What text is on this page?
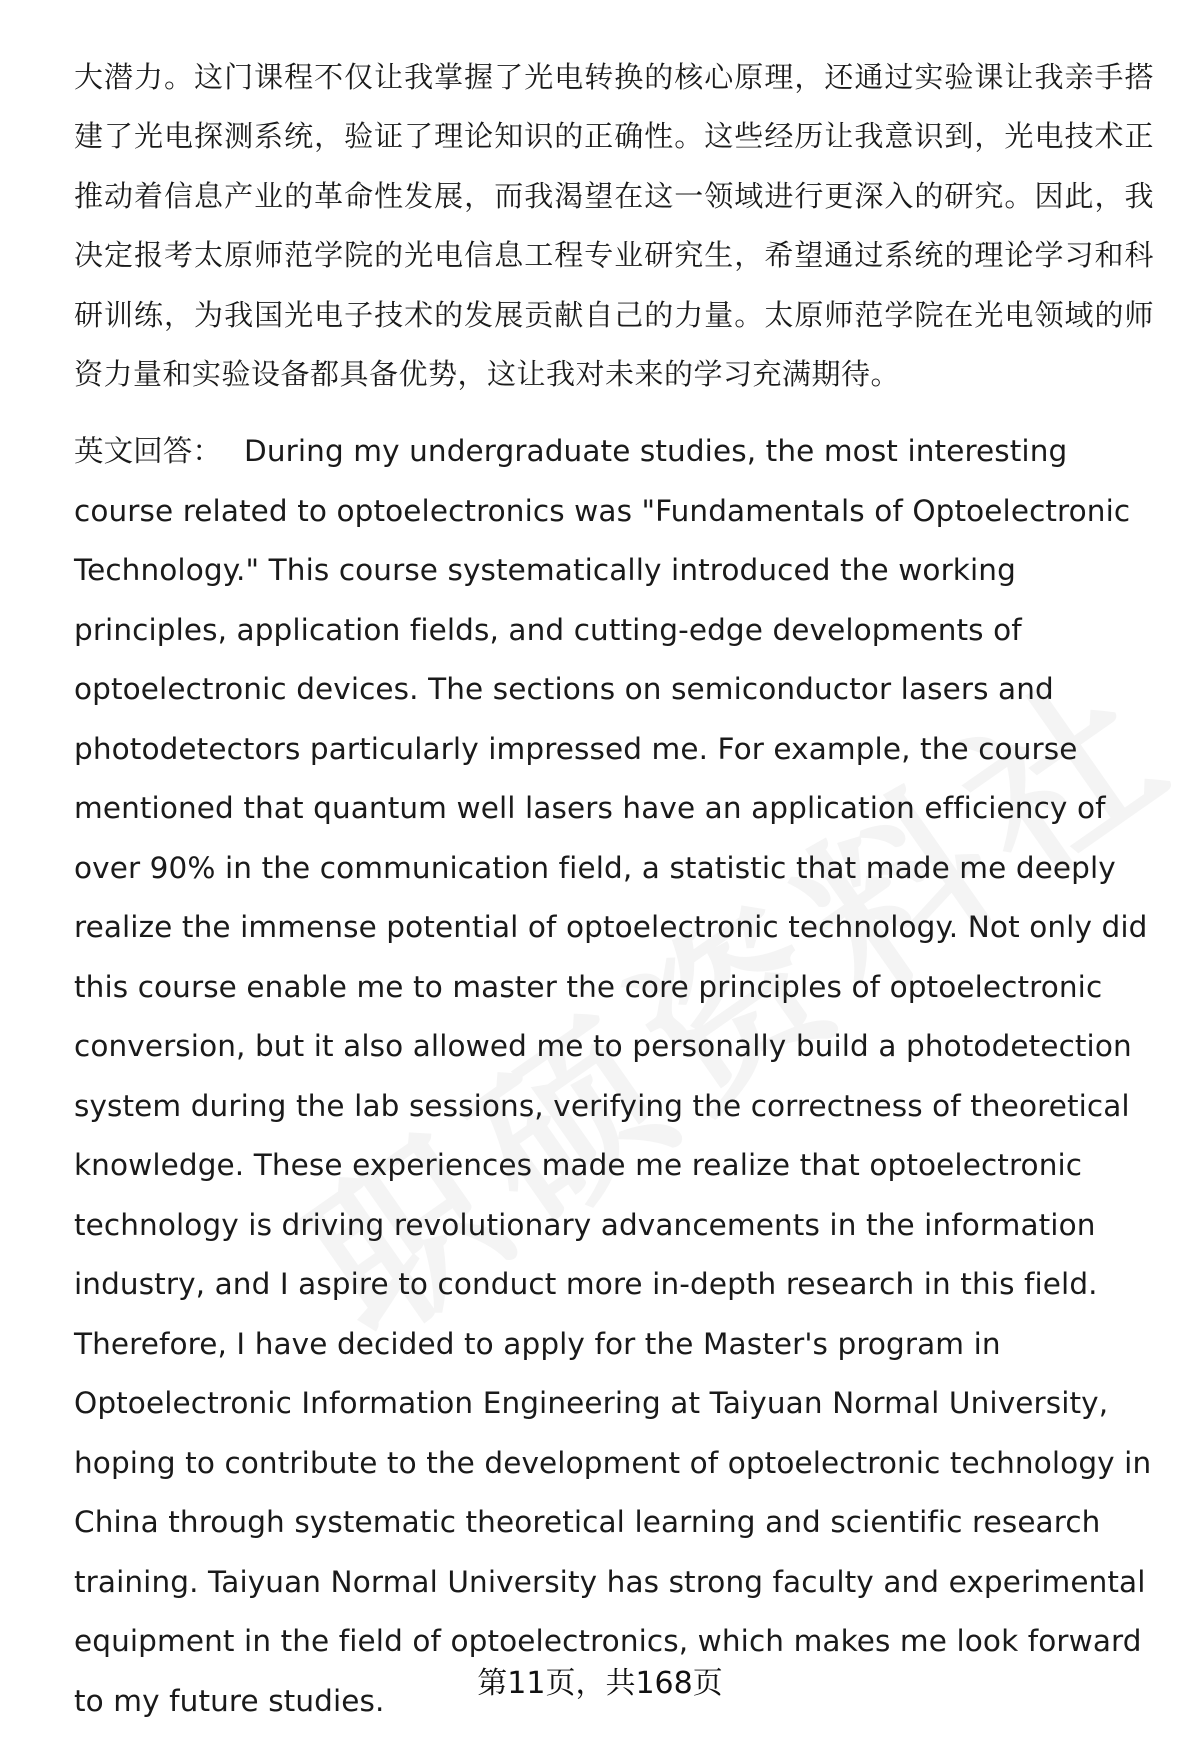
大潜力。这门课程不仅让我掌握了光电转换的核心原理，还通过实验课让我亲手搭建了光电探测系统，验证了理论知识的正确性。这些经历让我意识到，光电技术正推动着信息产业的革命性发展，而我渴望在这一领域进行更深入的研究。因此，我决定报考太原师范学院的光电信息工程专业研究生，希望通过系统的理论学习和科研训练，为我国光电子技术的发展贡献自己的力量。太原师范学院在光电领域的师资力量和实验设备都具备优势，这让我对未来的学习充满期待。

英文回答： During my undergraduate studies, the most interesting course related to optoelectronics was "Fundamentals of Optoelectronic Technology." This course systematically introduced the working principles, application fields, and cutting-edge developments of optoelectronic devices. The sections on semiconductor lasers and photodetectors particularly impressed me. For example, the course mentioned that quantum well lasers have an application efficiency of over 90% in the communication field, a statistic that made me deeply realize the immense potential of optoelectronic technology. Not only did this course enable me to master the core principles of optoelectronic conversion, but it also allowed me to personally build a photodetection system during the lab sessions, verifying the correctness of theoretical knowledge. These experiences made me realize that optoelectronic technology is driving revolutionary advancements in the information industry, and I aspire to conduct more in-depth research in this field. Therefore, I have decided to apply for the Master's program in Optoelectronic Information Engineering at Taiyuan Normal University, hoping to contribute to the development of optoelectronic technology in China through systematic theoretical learning and scientific research training. Taiyuan Normal University has strong faculty and experimental equipment in the field of optoelectronics, which makes me look forward to my future studies.	第11页，共168页
